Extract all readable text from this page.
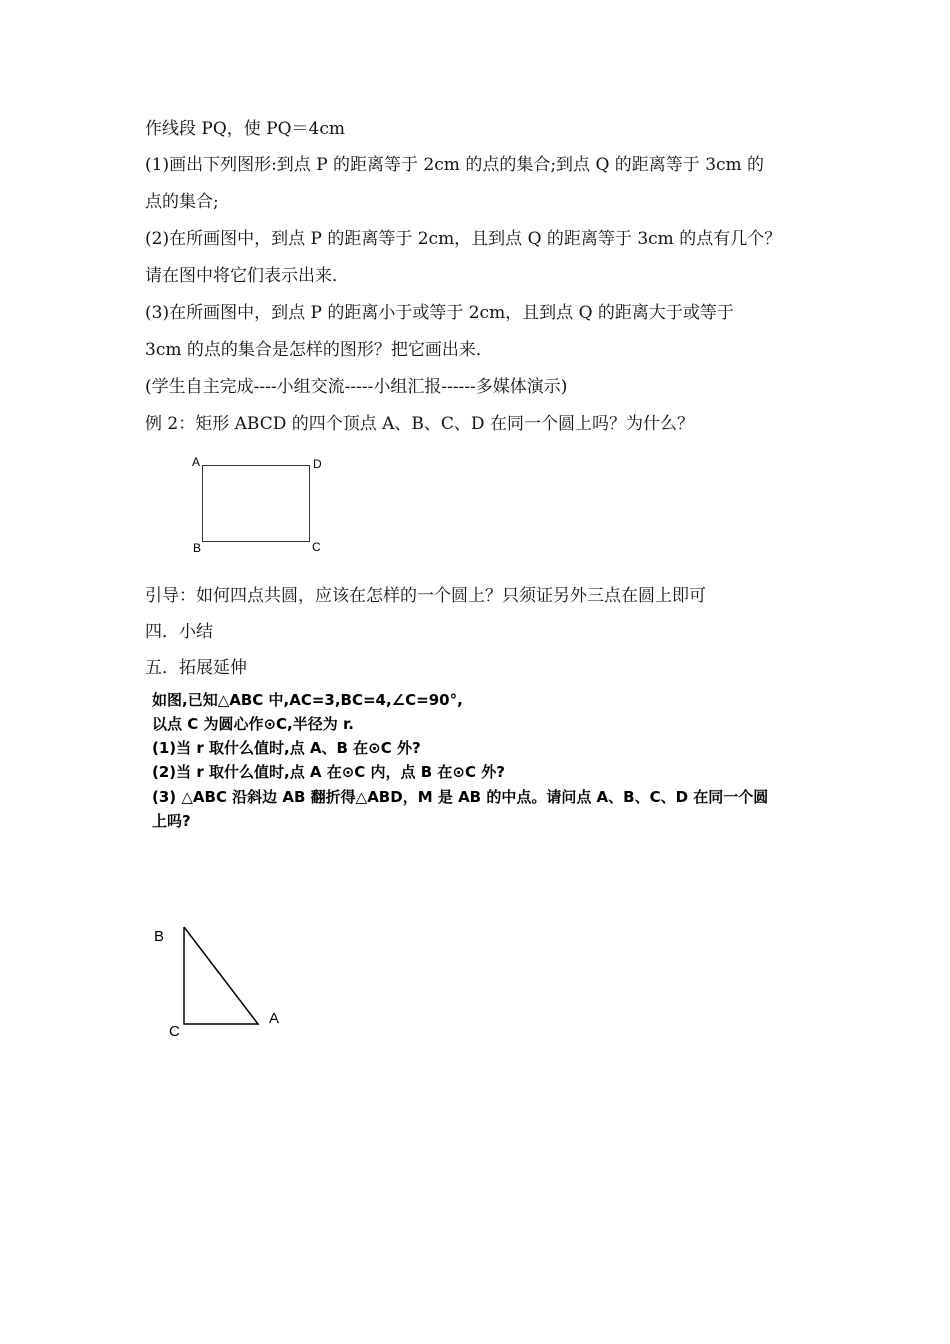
作线段 PQ，使 PQ＝4cm
(1)画出下列图形:到点 P 的距离等于 2cm 的点的集合;到点 Q 的距离等于 3cm 的
点的集合;
(2)在所画图中，到点 P 的距离等于 2cm，且到点 Q 的距离等于 3cm 的点有几个？
请在图中将它们表示出来．
(3)在所画图中，到点 P 的距离小于或等于 2cm，且到点 Q 的距离大于或等于
3cm 的点的集合是怎样的图形？把它画出来．
(学生自主完成----小组交流-----小组汇报------多媒体演示)
例 2：矩形 ABCD 的四个顶点 A、B、C、D 在同一个圆上吗？为什么？
A	D
B	C
引导：如何四点共圆，应该在怎样的一个圆上？只须证另外三点在圆上即可
四．小结
五．拓展延伸
如图,已知△ABC 中,AC=3,BC=4,∠C=90°,
以点 C 为圆心作⊙C,半径为 r.
(1)当 r 取什么值时,点 A、B 在⊙C 外?
(2)当 r 取什么值时,点 A 在⊙C 内，点 B 在⊙C 外?
(3) △ABC 沿斜边 AB 翻折得△ABD，M 是 AB 的中点。请问点 A、B、C、D 在同一个圆
上吗?
B
C
A
